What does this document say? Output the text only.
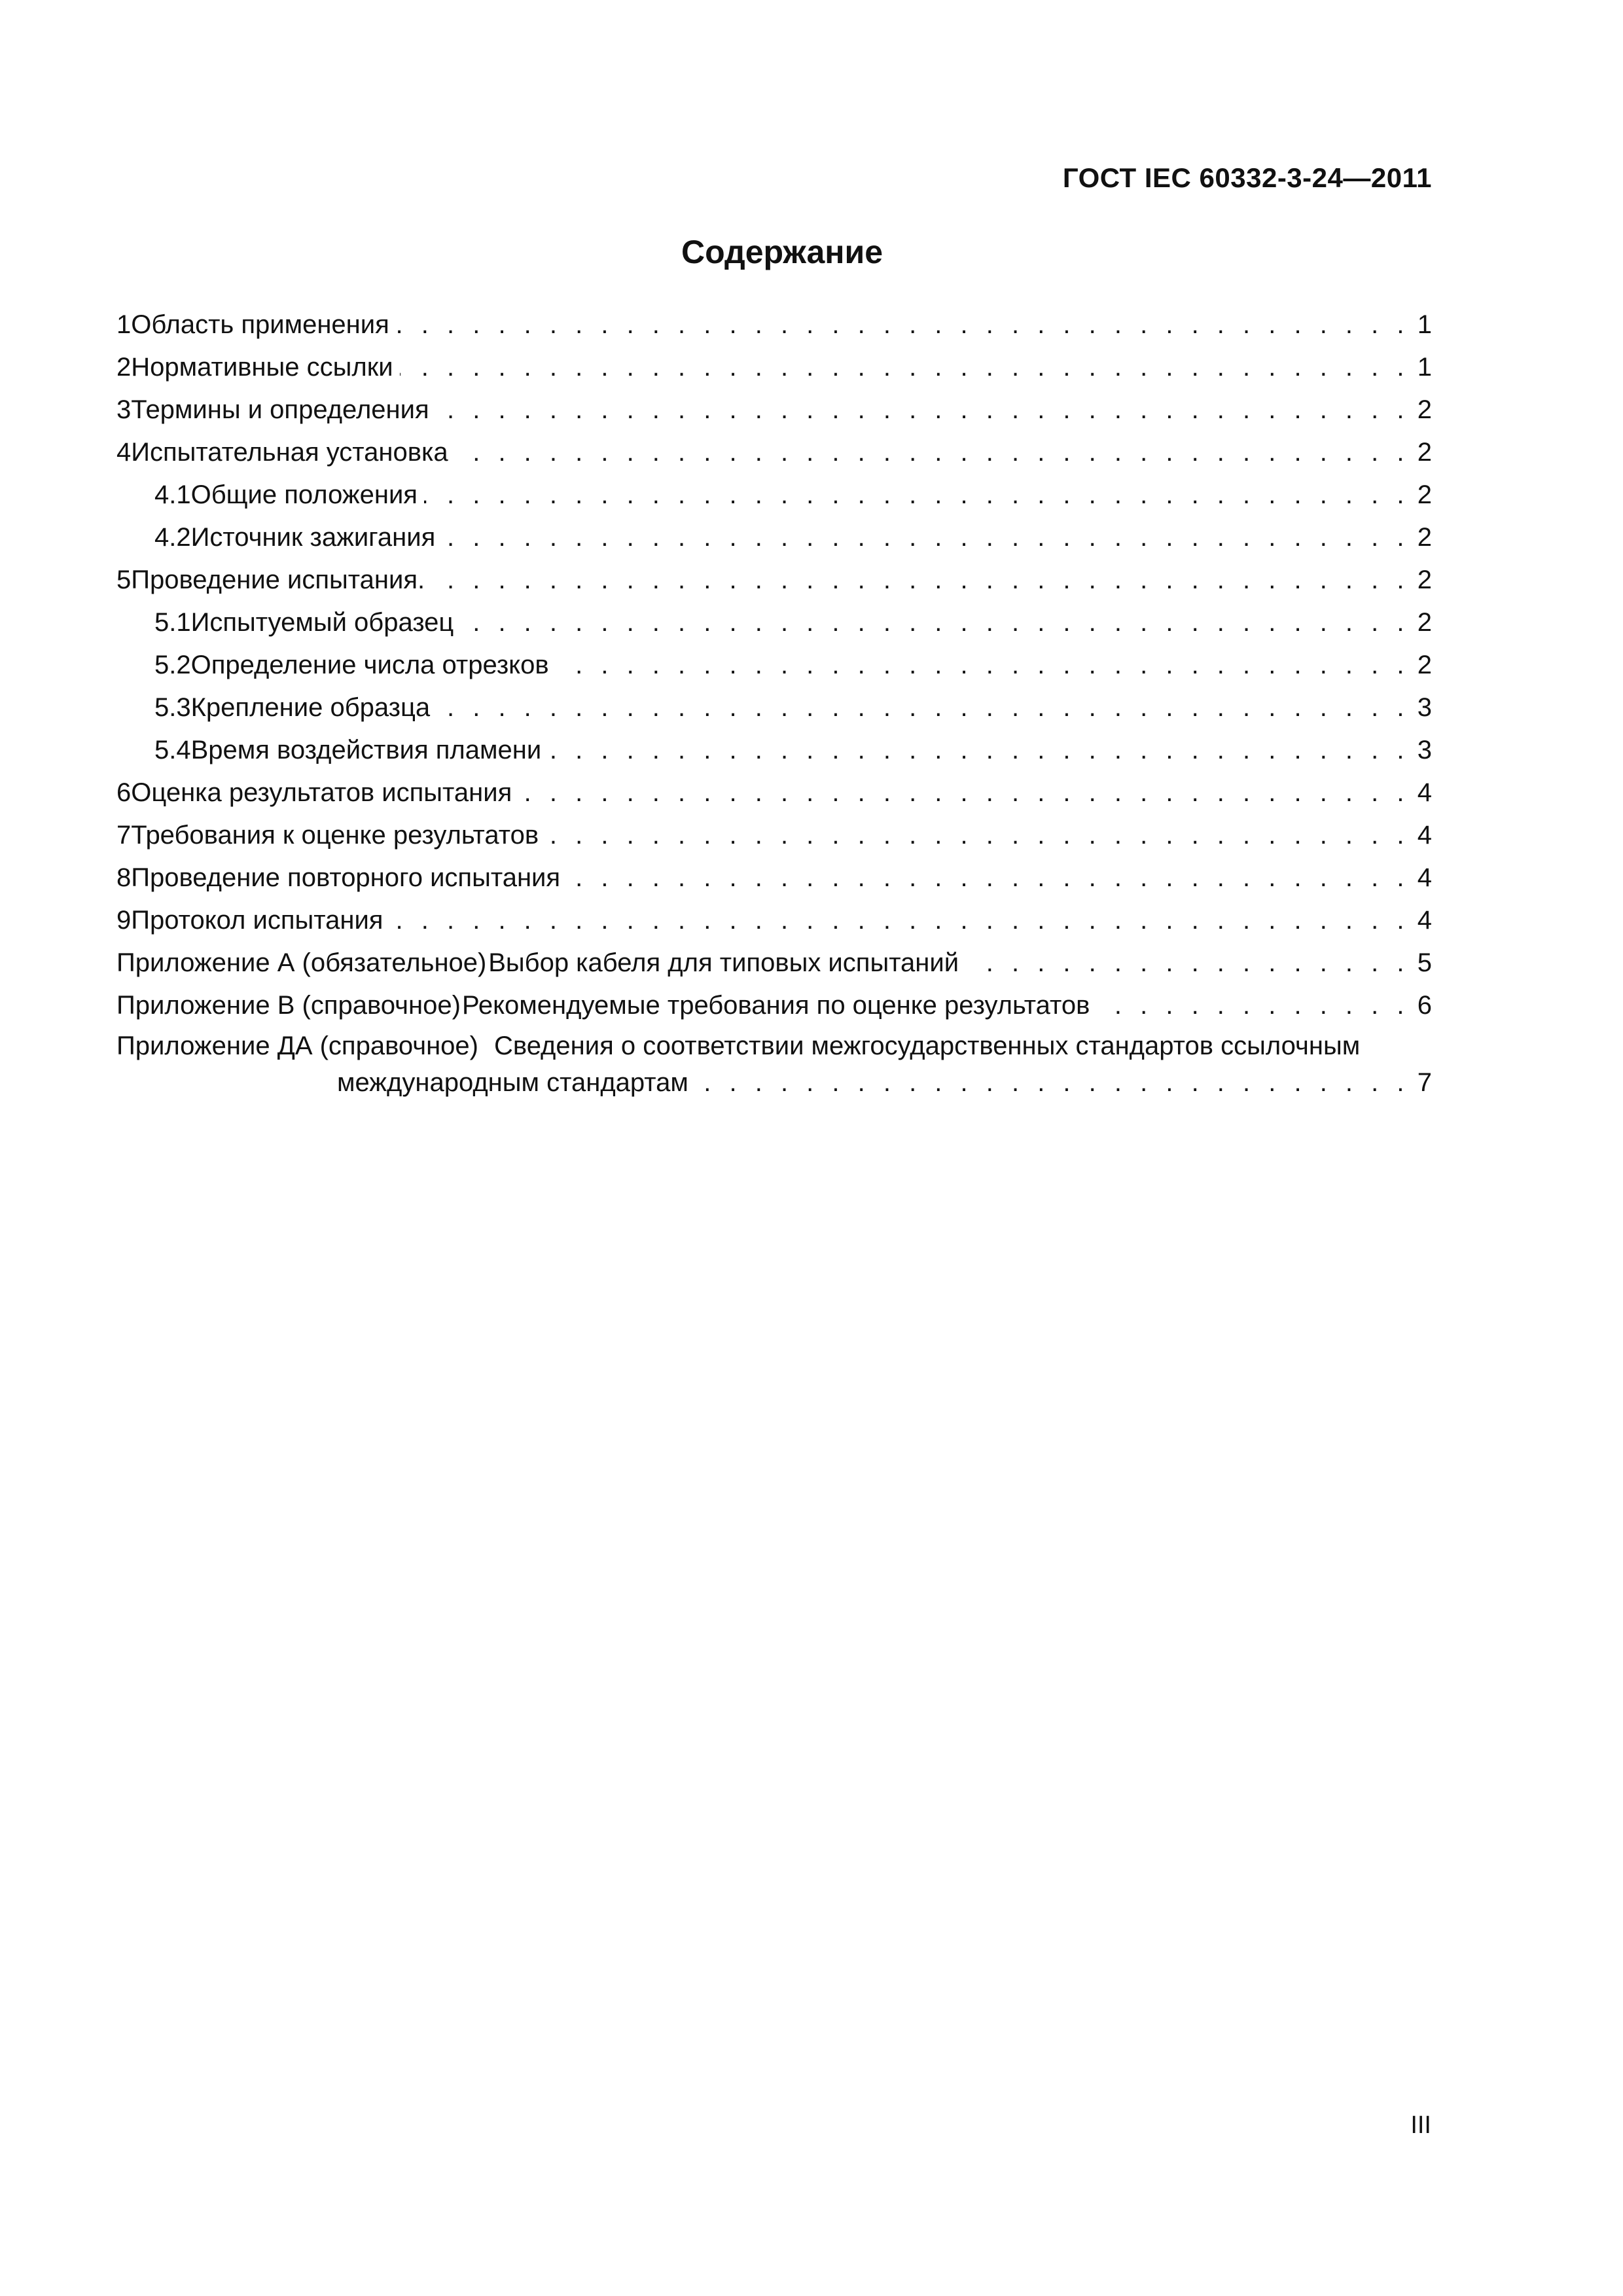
ГОСТ IEC 60332-3-24—2011
Содержание
1 Область применения . . .	1
2 Нормативные ссылки . . .	1
3 Термины и определения . . .	2
4 Испытательная установка . . .	2
4.1 Общие положения . . .	2
4.2 Источник зажигания . . .	2
5 Проведение испытания. . . .	2
5.1 Испытуемый образец . . .	2
5.2 Определение числа отрезков . . .	2
5.3 Крепление образца . . .	3
5.4 Время воздействия пламени . . .	3
6 Оценка результатов испытания . . .	4
7 Требования к оценке результатов . . .	4
8 Проведение повторного испытания . . .	4
9 Протокол испытания . . .	4
Приложение А (обязательное) Выбор кабеля для типовых испытаний . . .	5
Приложение В (справочное) Рекомендуемые требования по оценке результатов . . .	6
Приложение ДА (справочное) Сведения о соответствии межгосударственных стандартов ссылочным
международным стандартам . . .	7
III
